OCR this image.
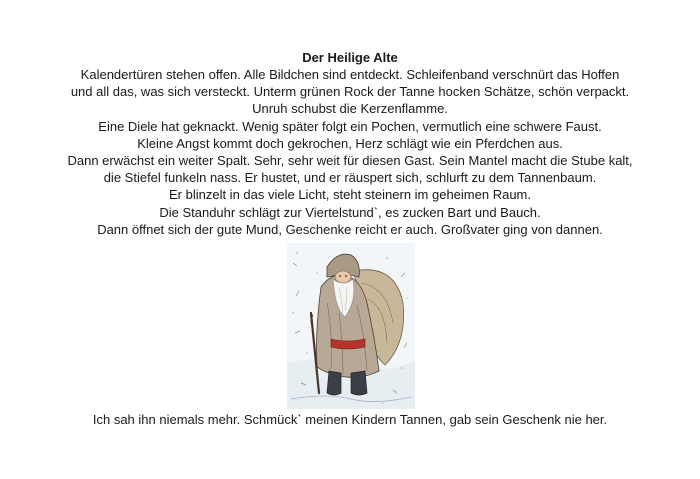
Der Heilige Alte
Kalendertüren stehen offen. Alle Bildchen sind entdeckt. Schleifenband verschnürt das Hoffen
und all das, was sich versteckt. Unterm grünen Rock der Tanne hocken Schätze, schön verpackt.
Unruh schubst die Kerzenflamme.
Eine Diele hat geknackt. Wenig später folgt ein Pochen, vermutlich eine schwere Faust.
Kleine Angst kommt doch gekrochen, Herz schlägt wie ein Pferdchen aus.
Dann erwächst ein weiter Spalt. Sehr, sehr weit für diesen Gast. Sein Mantel macht die Stube kalt,
die Stiefel funkeln nass. Er hustet, und er räuspert sich, schlurft zu dem Tannenbaum.
Er blinzelt in das viele Licht, steht steinern im geheimen Raum.
Die Standuhr schlägt zur Viertelstund`, es zucken Bart und Bauch.
Dann öffnet sich der gute Mund, Geschenke reicht er auch. Großvater ging von dannen.
Ich sah ihn niemals mehr. Schmück` meinen Kindern Tannen, gab sein Geschenk nie her.
